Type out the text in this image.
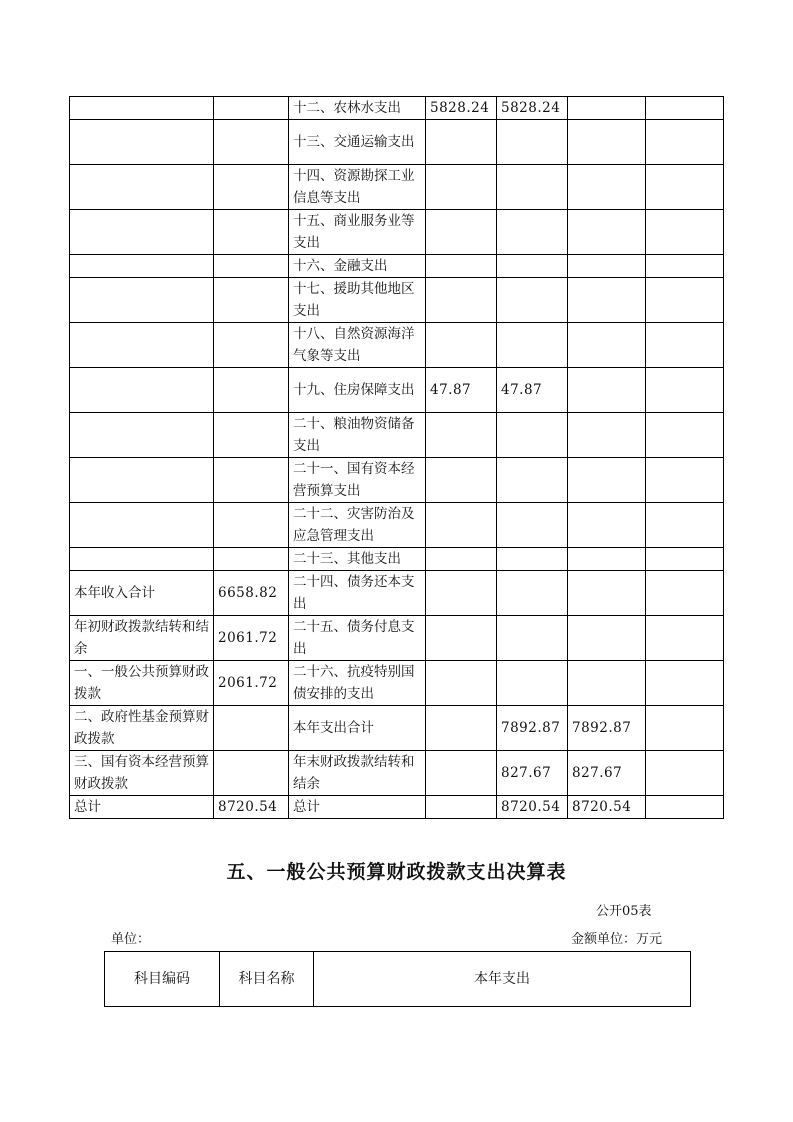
		十二、农林水支出	5828.24	5828.24		
		十三、交通运输支出				
		十四、资源勘探工业信息等支出				
		十五、商业服务业等支出				
		十六、金融支出				
		十七、援助其他地区支出				
		十八、自然资源海洋气象等支出				
		十九、住房保障支出	47.87	47.87		
		二十、粮油物资储备支出				
		二十一、国有资本经营预算支出				
		二十二、灾害防治及应急管理支出				
		二十三、其他支出				
本年收入合计	6658.82	二十四、债务还本支出				
年初财政拨款结转和结余	2061.72	二十五、债务付息支出				
一、一般公共预算财政拨款	2061.72	二十六、抗疫特别国债安排的支出				
二、政府性基金预算财政拨款		本年支出合计		7892.87	7892.87	
三、国有资本经营预算财政拨款		年末财政拨款结转和结余		827.67	827.67	
总计	8720.54	总计		8720.54	8720.54	
五、一般公共预算财政拨款支出决算表
公开05表
单位：	金额单位：万元
科目编码	科目名称	本年支出
